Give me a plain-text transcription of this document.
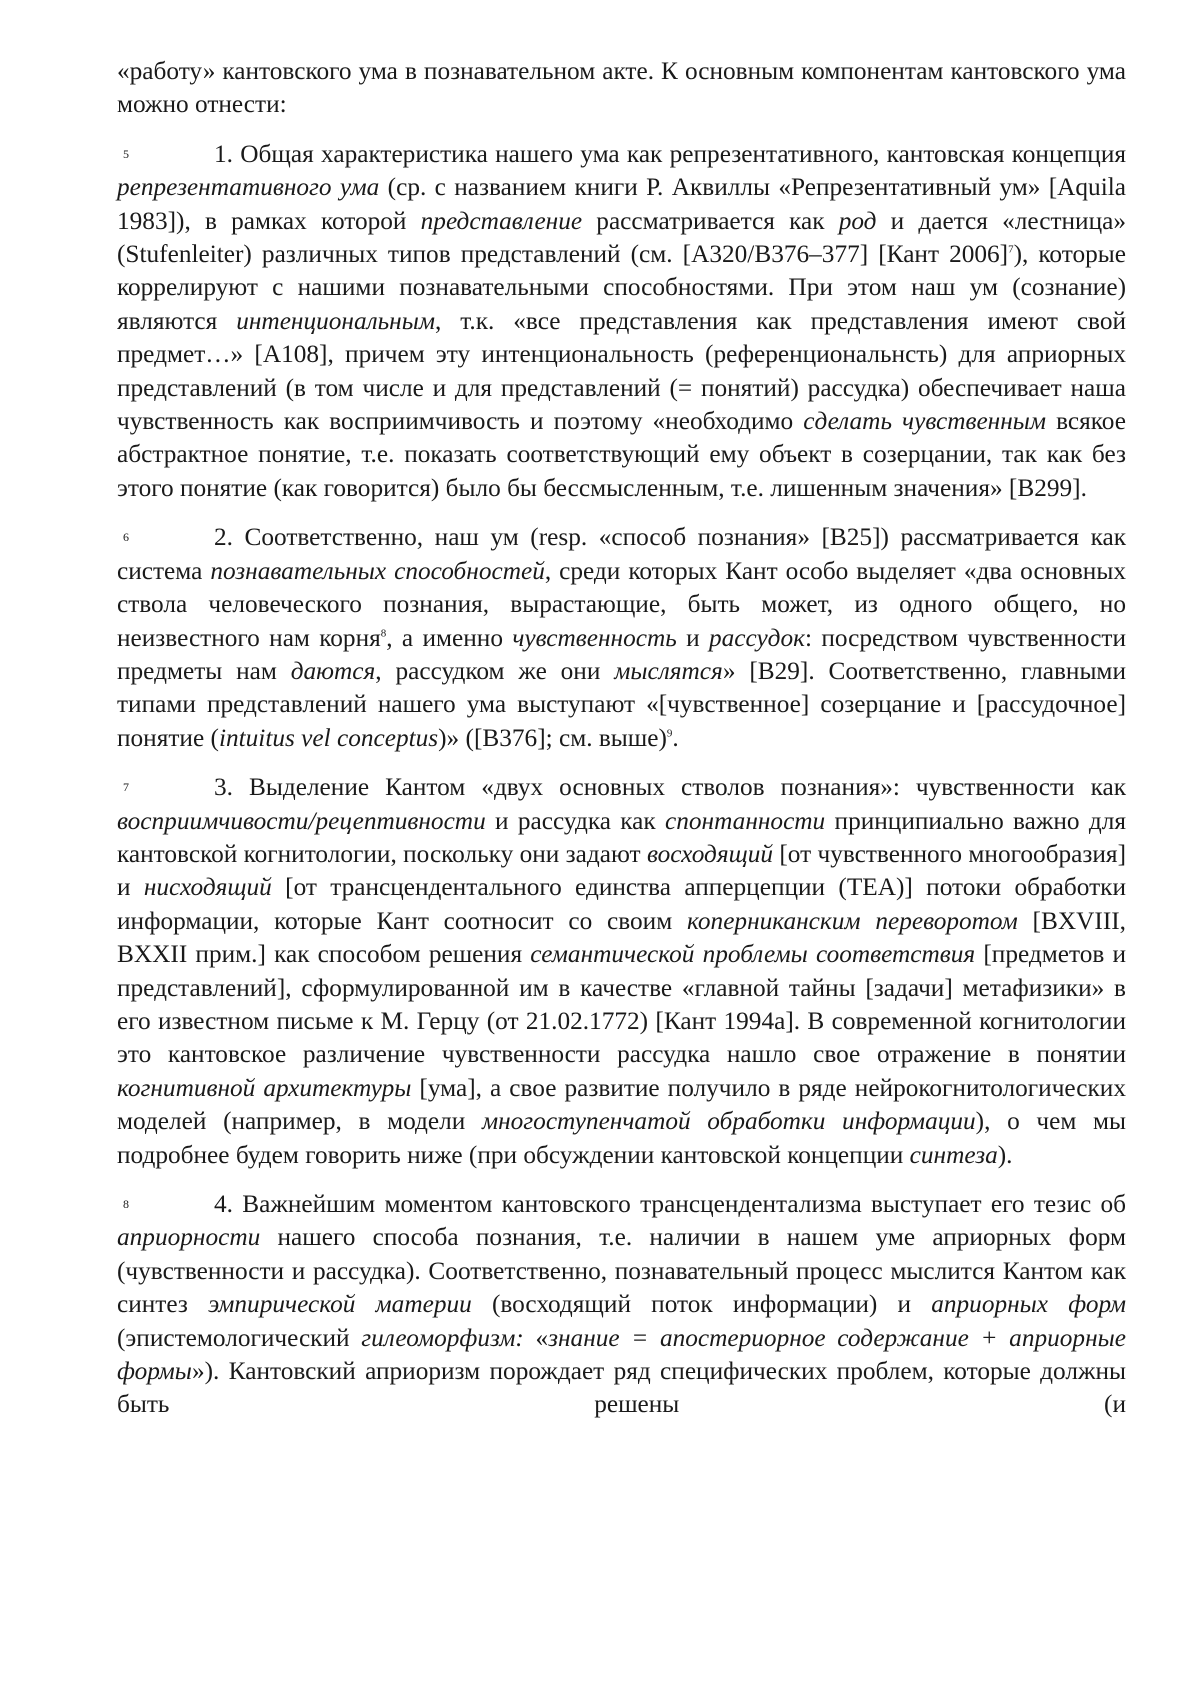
«работу» кантовского ума в познавательном акте. К основным компонентам кантовского ума можно отнести:

5	1. Общая характеристика нашего ума как репрезентативного, кантовская концепция репрезентативного ума (ср. с названием книги Р. Аквиллы «Репрезентативный ум» [Aquila 1983]), в рамках которой представление рассматривается как род и дается «лестница» (Stufenleiter) различных типов представлений (см. [A320/B376–377] [Кант 2006]7), которые коррелируют с нашими познавательными способностями. При этом наш ум (сознание) являются интенциональным, т.к. «все представления как представления имеют свой предмет…» [A108], причем эту интенциональность (референциональнсть) для априорных представлений (в том числе и для представлений (= понятий) рассудка) обеспечивает наша чувственность как восприимчивость и поэтому «необходимо сделать чувственным всякое абстрактное понятие, т.е. показать соответствующий ему объект в созерцании, так как без этого понятие (как говорится) было бы бессмысленным, т.е. лишенным значения» [B299].

6	2. Соответственно, наш ум (resp. «способ познания» [B25]) рассматривается как система познавательных способностей, среди которых Кант особо выделяет «два основных ствола человеческого познания, вырастающие, быть может, из одного общего, но неизвестного нам корня8, а именно чувственность и рассудок: посредством чувственности предметы нам даются, рассудком же они мыслятся» [B29]. Соответственно, главными типами представлений нашего ума выступают «[чувственное] созерцание и [рассудочное] понятие (intuitus vel conceptus)» ([B376]; см. выше)9.

7	3. Выделение Кантом «двух основных стволов познания»: чувственности как восприимчивости/рецептивности и рассудка как спонтанности принципиально важно для кантовской когнитологии, поскольку они задают восходящий [от чувственного многообразия] и нисходящий [от трансцендентального единства апперцепции (TEA)] потоки обработки информации, которые Кант соотносит со своим коперниканским переворотом [BXVIII, BXXII прим.] как способом решения семантической проблемы соответствия [предметов и представлений], сформулированной им в качестве «главной тайны [задачи] метафизики» в его известном письме к М. Герцу (от 21.02.1772) [Кант 1994a]. В современной когнитологии это кантовское различение чувственности рассудка нашло свое отражение в понятии когнитивной архитектуры [ума], а свое развитие получило в ряде нейрокогнитологических моделей (например, в модели многоступенчатой обработки информации), о чем мы подробнее будем говорить ниже (при обсуждении кантовской концепции синтеза).

8	4. Важнейшим моментом кантовского трансцендентализма выступает его тезис об априорности нашего способа познания, т.е. наличии в нашем уме априорных форм (чувственности и рассудка). Соответственно, познавательный процесс мыслится Кантом как синтез эмпирической материи (восходящий поток информации) и априорных форм (эпистемологический гилеоморфизм: «знание = апостериорное содержание + априорные формы»). Кантовский априоризм порождает ряд специфических проблем, которые должны быть решены (и
